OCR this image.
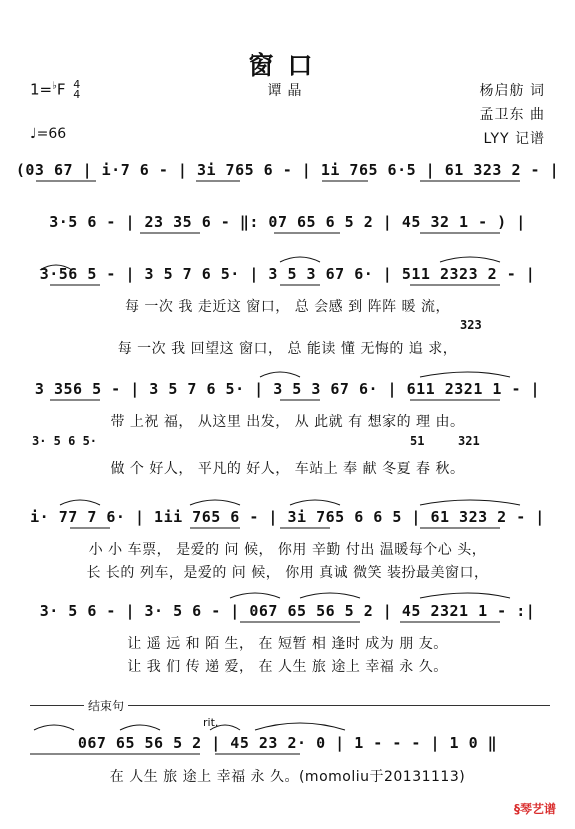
窗口
1=♭F 4
4	谭晶	杨启舫 词
孟卫东 曲
LYY 记谱
♩=66
(03 67 | i·7 6 - | 3i 765 6 - | 1i 765 6·5 | 61 323 2 - |
3·5 6 - | 23 35 6 - ‖: 07 65 6 5 2 | 45 32 1 - ) |
3·56 5 - | 3 5 7 6 5· | 3 5 3 67 6· | 511 2323 2 - |
每 一次 我 走近这 窗口， 总 会感 到 阵阵 暖 流，
323
每 一次 我 回望这 窗口， 总 能读 懂 无悔的 追 求，
3 356 5 - | 3 5 7 6 5· | 3 5 3 67 6· | 611 2321 1 - |
带 上祝 福， 从这里 出发， 从 此就 有 想家的 理 由。
3· 5 6 5·	51	321
做 个 好人， 平凡的 好人， 车站上 奉 献 冬夏 春 秋。
i· 77 7 6· | 1ii 765 6 - | 3i 765 6 6 5 | 61 323 2 - |
小 小 车票， 是爱的 问 候， 你用 辛勤 付出 温暖每个心 头，
长 长的 列车，是爱的 问 候， 你用 真诚 微笑 装扮最美窗口，
3· 5 6 - | 3· 5 6 - | 067 65 56 5 2 | 45 2321 1 - :|
让 遥 远 和 陌 生， 在 短暂 相 逢时 成为 朋 友。
让 我 们 传 递 爱， 在 人生 旅 途上 幸福 永 久。
结束句
rit.
067 65 56 5 2 | 45 23 2· 0 | 1 - - - | 1 0 ‖
在 人生 旅 途上 幸福 永 久。(momoliu于20131113)
§琴艺谱
